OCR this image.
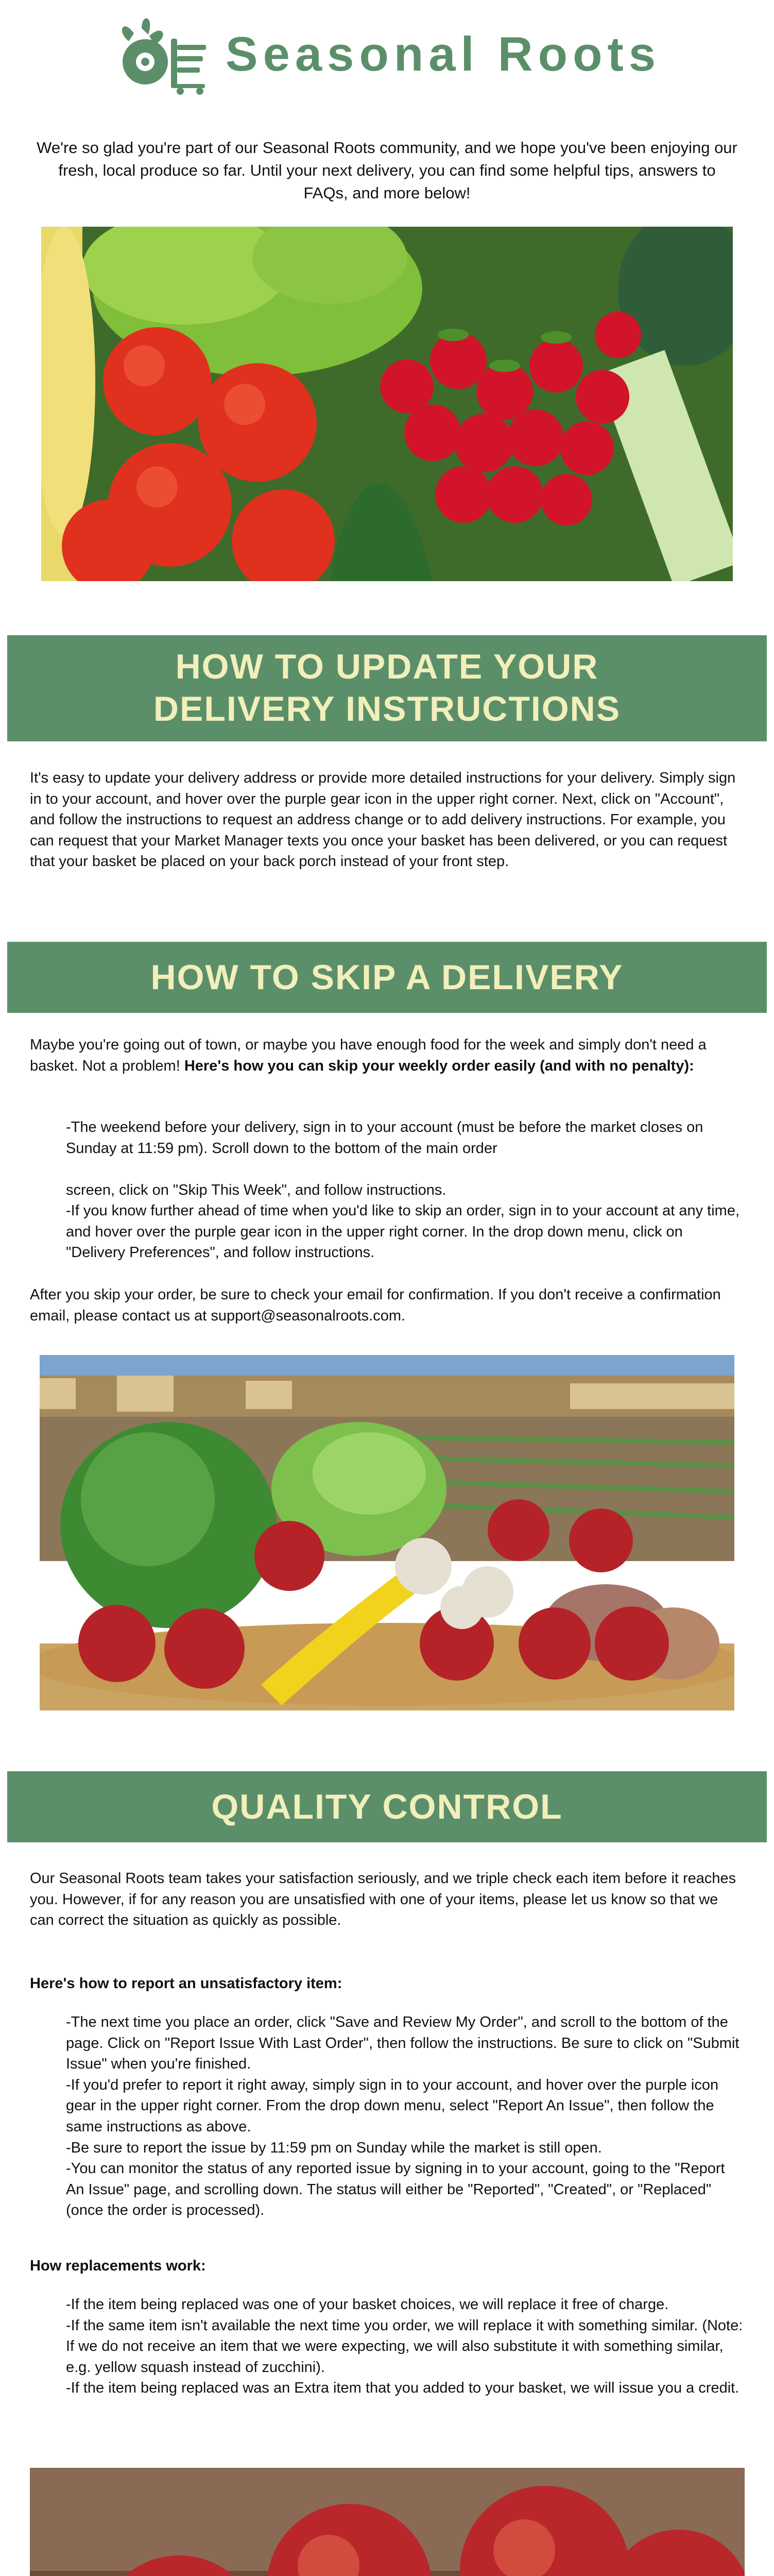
Seasonal Roots
We're so glad you're part of our Seasonal Roots community, and we hope you've been enjoying our fresh, local produce so far. Until your next delivery, you can find some helpful tips, answers to FAQs, and more below!
HOW TO UPDATE YOUR
DELIVERY INSTRUCTIONS
It's easy to update your delivery address or provide more detailed instructions for your delivery. Simply sign in to your account, and hover over the purple gear icon in the upper right corner. Next, click on "Account", and follow the instructions to request an address change or to add delivery instructions. For example, you can request that your Market Manager texts you once your basket has been delivered, or you can request that your basket be placed on your back porch instead of your front step.
HOW TO SKIP A DELIVERY
Maybe you're going out of town, or maybe you have enough food for the week and simply don't need a basket. Not a problem! Here's how you can skip your weekly order easily (and with no penalty):
-The weekend before your delivery, sign in to your account (must be before the market closes on Sunday at 11:59 pm). Scroll down to the bottom of the main order
screen, click on "Skip This Week", and follow instructions.
-If you know further ahead of time when you'd like to skip an order, sign in to your account at any time, and hover over the purple gear icon in the upper right corner. In the drop down menu, click on "Delivery Preferences", and follow instructions.
After you skip your order, be sure to check your email for confirmation. If you don't receive a confirmation email, please contact us at support@seasonalroots.com.
QUALITY CONTROL
Our Seasonal Roots team takes your satisfaction seriously, and we triple check each item before it reaches you. However, if for any reason you are unsatisfied with one of your items, please let us know so that we can correct the situation as quickly as possible.
Here's how to report an unsatisfactory item:
-The next time you place an order, click "Save and Review My Order", and scroll to the bottom of the page. Click on "Report Issue With Last Order", then follow the instructions. Be sure to click on "Submit Issue" when you're finished.
-If you'd prefer to report it right away, simply sign in to your account, and hover over the purple icon gear in the upper right corner. From the drop down menu, select "Report An Issue", then follow the same instructions as above.
-Be sure to report the issue by 11:59 pm on Sunday while the market is still open.
-You can monitor the status of any reported issue by signing in to your account, going to the "Report An Issue" page, and scrolling down. The status will either be "Reported", "Created", or "Replaced" (once the order is processed).
How replacements work:
-If the item being replaced was one of your basket choices, we will replace it free of charge.
-If the same item isn't available the next time you order, we will replace it with something similar. (Note: If we do not receive an item that we were expecting, we will also substitute it with something similar, e.g. yellow squash instead of zucchini).
-If the item being replaced was an Extra item that you added to your basket, we will issue you a credit.
